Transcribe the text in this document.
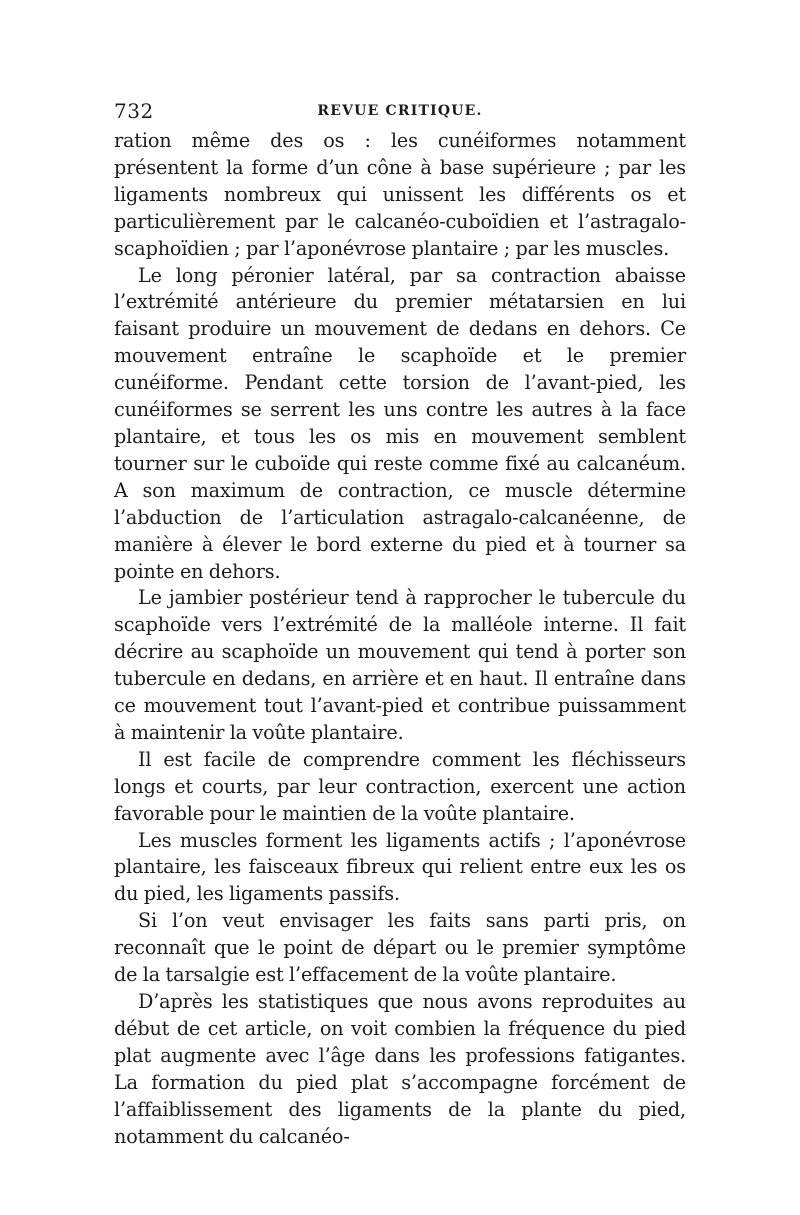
732	REVUE CRITIQUE.

ration même des os : les cunéiformes notamment présentent la forme d’un cône à base supérieure ; par les ligaments nombreux qui unissent les différents os et particulièrement par le calcanéo-cuboïdien et l’astragalo-scaphoïdien ; par l’aponévrose plantaire ; par les muscles.

Le long péronier latéral, par sa contraction abaisse l’extrémité antérieure du premier métatarsien en lui faisant produire un mouvement de dedans en dehors. Ce mouvement entraîne le scaphoïde et le premier cunéiforme. Pendant cette torsion de l’avant-pied, les cunéiformes se serrent les uns contre les autres à la face plantaire, et tous les os mis en mouvement semblent tourner sur le cuboïde qui reste comme fixé au calcanéum. A son maximum de contraction, ce muscle détermine l’abduction de l’articulation astragalo-calcanéenne, de manière à élever le bord externe du pied et à tourner sa pointe en dehors.

Le jambier postérieur tend à rapprocher le tubercule du scaphoïde vers l’extrémité de la malléole interne. Il fait décrire au scaphoïde un mouvement qui tend à porter son tubercule en dedans, en arrière et en haut. Il entraîne dans ce mouvement tout l’avant-pied et contribue puissamment à maintenir la voûte plantaire.

Il est facile de comprendre comment les fléchisseurs longs et courts, par leur contraction, exercent une action favorable pour le maintien de la voûte plantaire.

Les muscles forment les ligaments actifs ; l’aponévrose plantaire, les faisceaux fibreux qui relient entre eux les os du pied, les ligaments passifs.

Si l’on veut envisager les faits sans parti pris, on reconnaît que le point de départ ou le premier symptôme de la tarsalgie est l’effacement de la voûte plantaire.

D’après les statistiques que nous avons reproduites au début de cet article, on voit combien la fréquence du pied plat augmente avec l’âge dans les professions fatigantes. La formation du pied plat s’accompagne forcément de l’affaiblissement des ligaments de la plante du pied, notamment du calcanéo-
